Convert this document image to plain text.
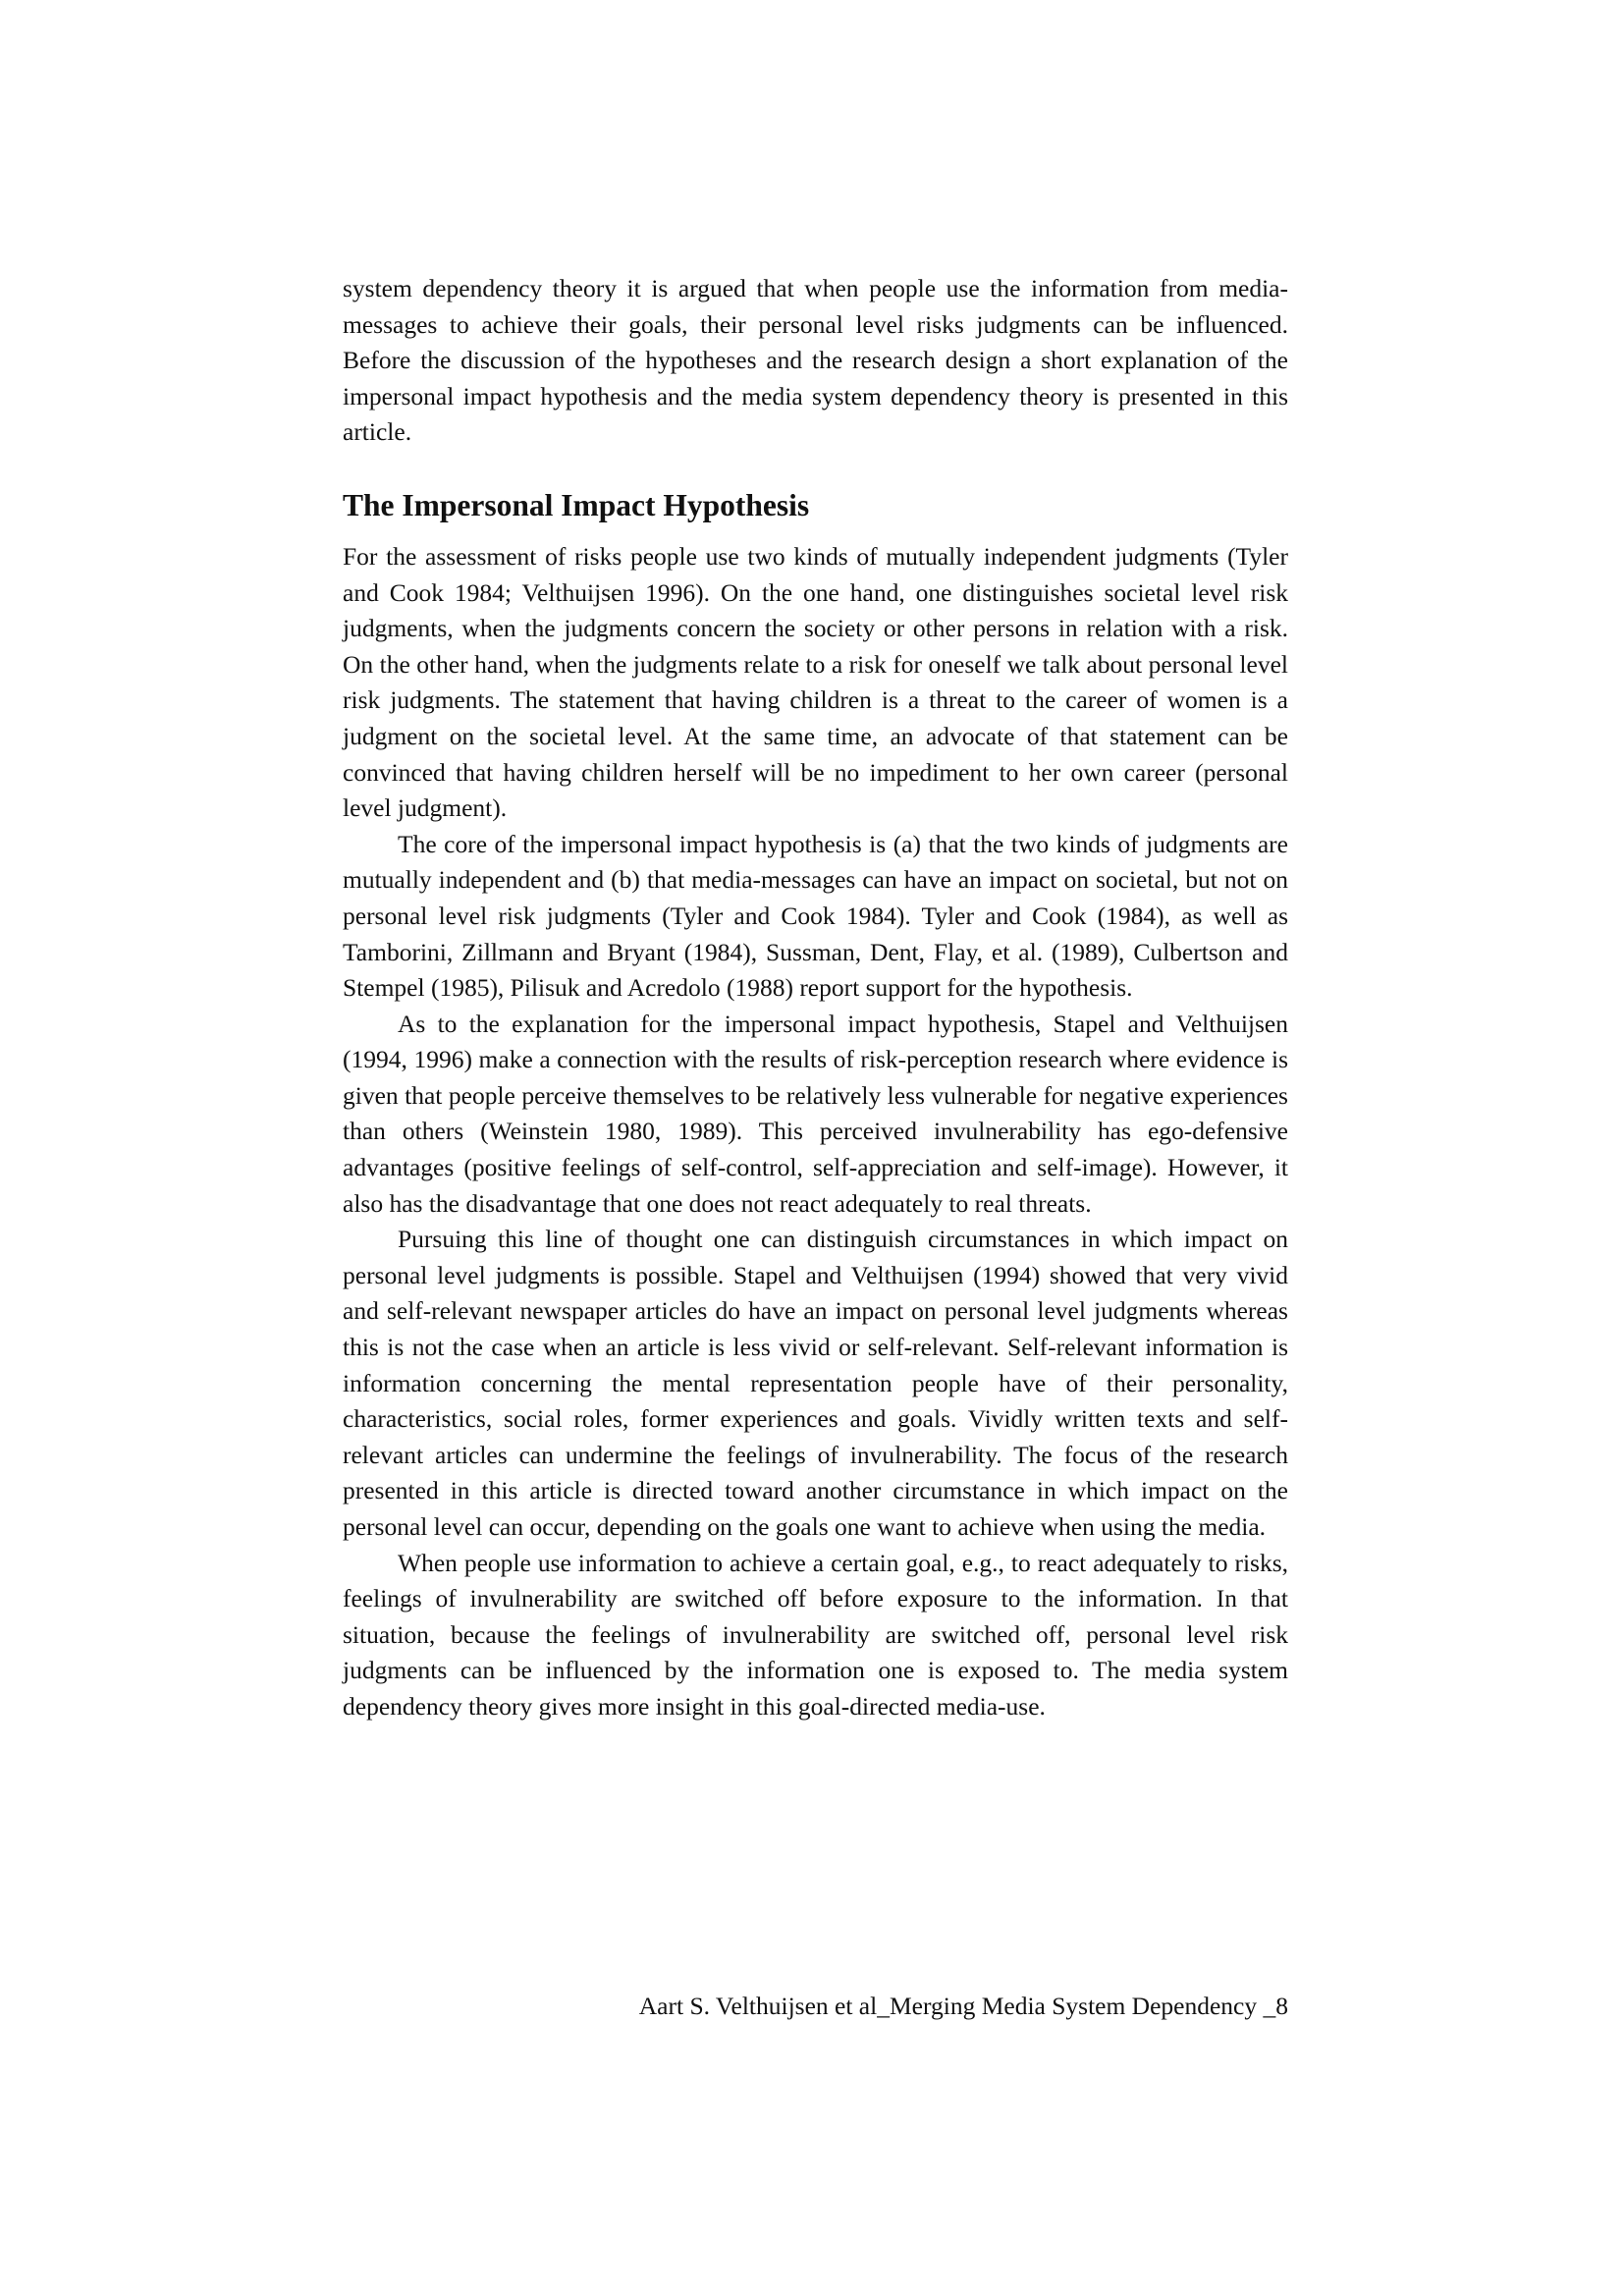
system dependency theory it is argued that when people use the information from media-messages to achieve their goals, their personal level risks judgments can be influenced. Before the discussion of the hypotheses and the research design a short explanation of the impersonal impact hypothesis and the media system dependency theory is presented in this article.

The Impersonal Impact Hypothesis

For the assessment of risks people use two kinds of mutually independent judgments (Tyler and Cook 1984; Velthuijsen 1996). On the one hand, one distinguishes societal level risk judgments, when the judgments concern the society or other persons in relation with a risk. On the other hand, when the judgments relate to a risk for oneself we talk about personal level risk judgments. The statement that having children is a threat to the career of women is a judgment on the societal level. At the same time, an advocate of that statement can be convinced that having children herself will be no impediment to her own career (personal level judgment).

The core of the impersonal impact hypothesis is (a) that the two kinds of judgments are mutually independent and (b) that media-messages can have an impact on societal, but not on personal level risk judgments (Tyler and Cook 1984). Tyler and Cook (1984), as well as Tamborini, Zillmann and Bryant (1984), Sussman, Dent, Flay, et al. (1989), Culbertson and Stempel (1985), Pilisuk and Acredolo (1988) report support for the hypothesis.

As to the explanation for the impersonal impact hypothesis, Stapel and Velthuijsen (1994, 1996) make a connection with the results of risk-perception research where evidence is given that people perceive themselves to be relatively less vulnerable for negative experiences than others (Weinstein 1980, 1989). This perceived invulnerability has ego-defensive advantages (positive feelings of self-control, self-appreciation and self-image). However, it also has the disadvantage that one does not react adequately to real threats.

Pursuing this line of thought one can distinguish circumstances in which impact on personal level judgments is possible. Stapel and Velthuijsen (1994) showed that very vivid and self-relevant newspaper articles do have an impact on personal level judgments whereas this is not the case when an article is less vivid or self-relevant. Self-relevant information is information concerning the mental representation people have of their personality, characteristics, social roles, former experiences and goals. Vividly written texts and self-relevant articles can undermine the feelings of invulnerability. The focus of the research presented in this article is directed toward another circumstance in which impact on the personal level can occur, depending on the goals one want to achieve when using the media.

When people use information to achieve a certain goal, e.g., to react adequately to risks, feelings of invulnerability are switched off before exposure to the information. In that situation, because the feelings of invulnerability are switched off, personal level risk judgments can be influenced by the information one is exposed to. The media system dependency theory gives more insight in this goal-directed media-use.

Aart S. Velthuijsen et al_Merging Media System Dependency _8
